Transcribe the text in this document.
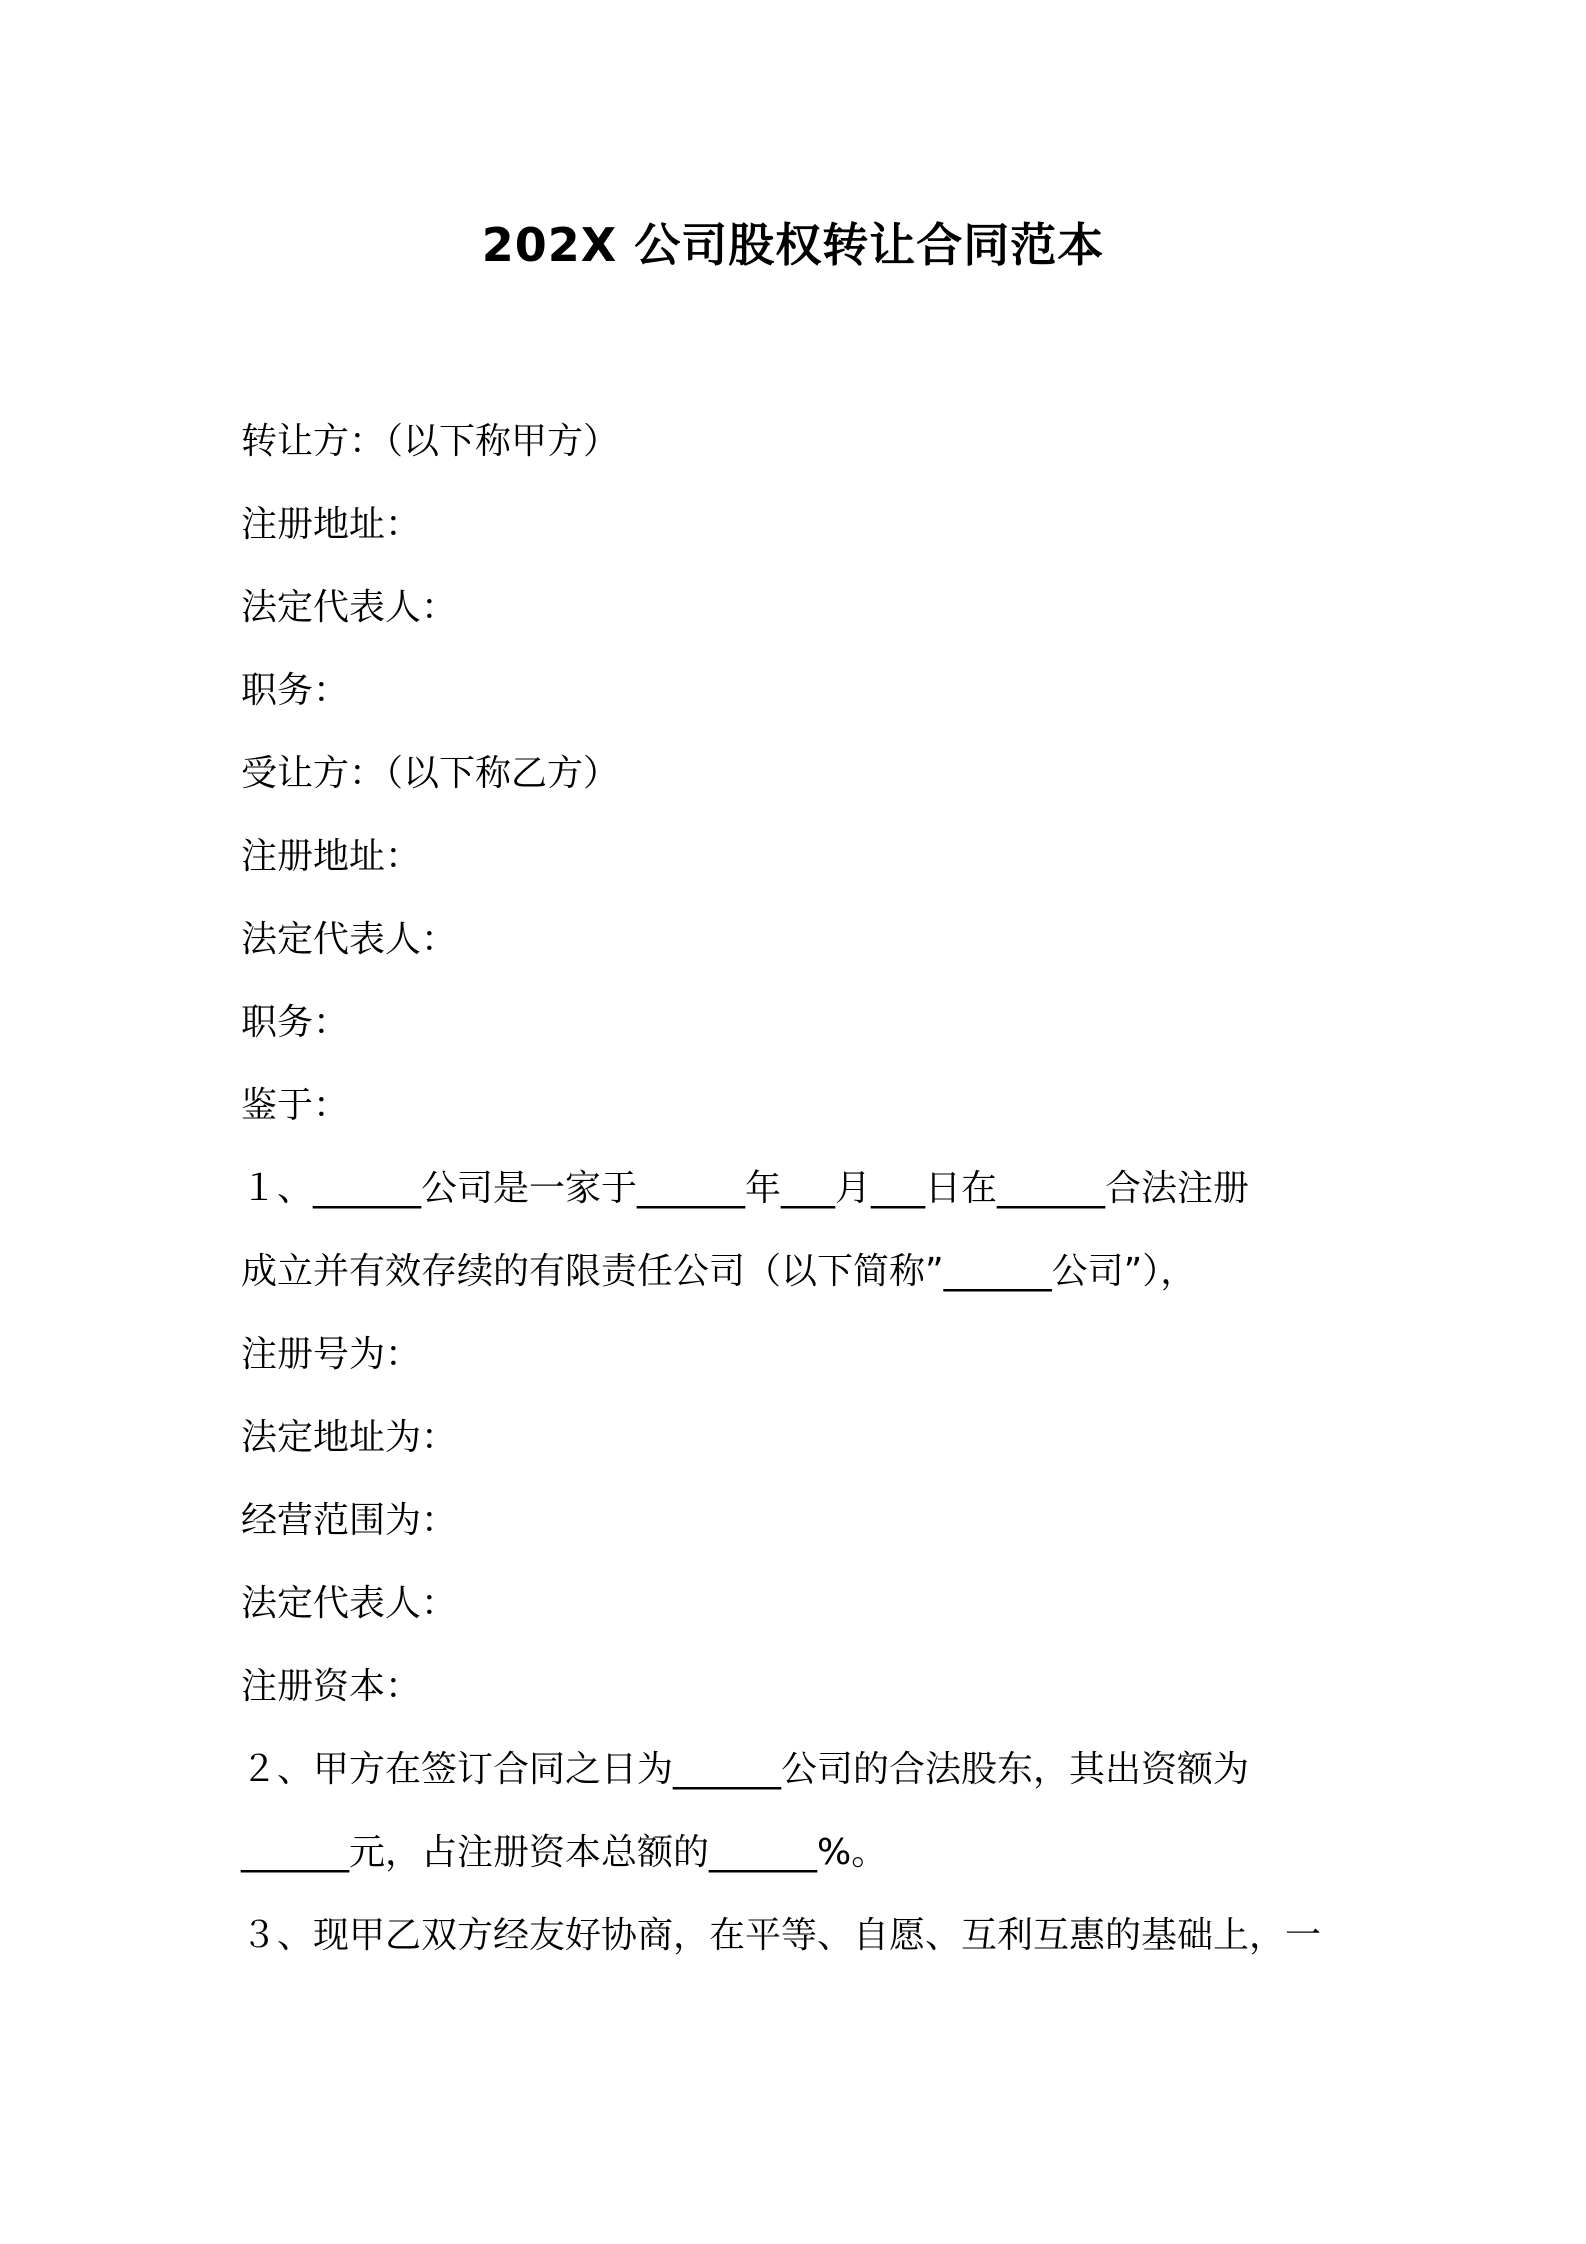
202X 公司股权转让合同范本

转让方：（以下称甲方）

注册地址：

法定代表人：

职务：

受让方：（以下称乙方）

注册地址：

法定代表人：

职务：

鉴于：

１、______公司是一家于______年___月___日在______合法注册

成立并有效存续的有限责任公司（以下简称”______公司”），

注册号为：

法定地址为：

经营范围为：

法定代表人：

注册资本：

２、甲方在签订合同之日为______公司的合法股东，其出资额为

______元，占注册资本总额的______%。

３、现甲乙双方经友好协商，在平等、自愿、互利互惠的基础上，一
